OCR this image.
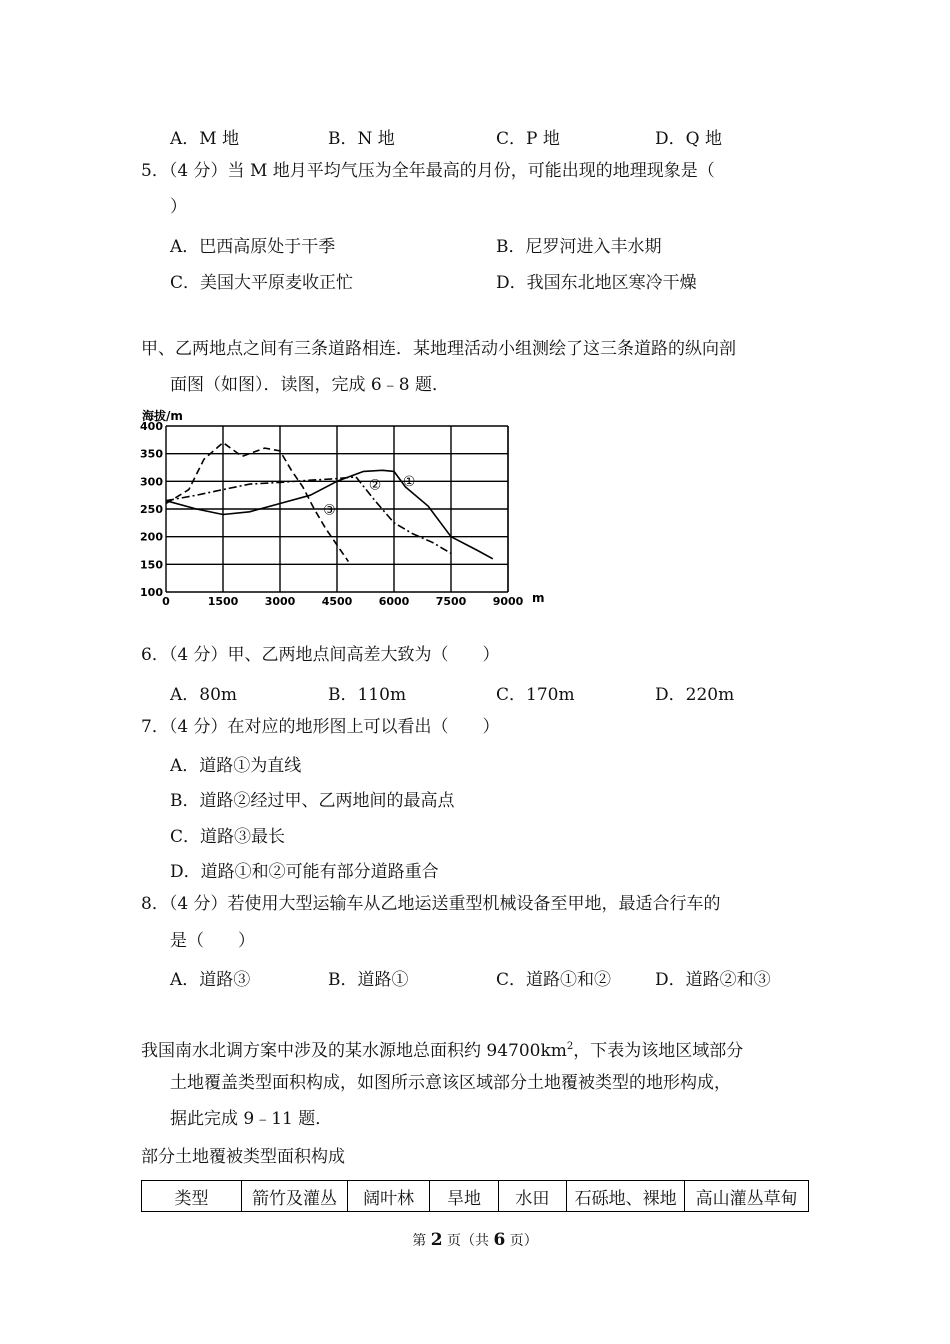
A．M 地	B．N 地	C．P 地	D．Q 地
5．（4 分）当 M 地月平均气压为全年最高的月份，可能出现的地理现象是（
）
A．巴西高原处于干季	B．尼罗河进入丰水期
C．美国大平原麦收正忙	D．我国东北地区寒冷干燥
甲、乙两地点之间有三条道路相连．某地理活动小组测绘了这三条道路的纵向剖
面图（如图）．读图，完成 6﹣8 题．
0	1500 3000 4500 6000 7500 9000
100
150
200
250
300
350
400
海拔/m
m
①
②
③
6．（4 分）甲、乙两地点间高差大致为（　　）
A．80m	B．110m	C．170m	D．220m
7．（4 分）在对应的地形图上可以看出（　　）
A．道路①为直线
B．道路②经过甲、乙两地间的最高点
C．道路③最长
D．道路①和②可能有部分道路重合
8．（4 分）若使用大型运输车从乙地运送重型机械设备至甲地，最适合行车的
是（　　）
A．道路③	B．道路①	C．道路①和②	D．道路②和③
我国南水北调方案中涉及的某水源地总面积约 $94700km^2$，下表为该地区域部分
土地覆盖类型面积构成，如图所示意该区域部分土地覆被类型的地形构成，
据此完成 9﹣11 题．
部分土地覆被类型面积构成
类型	箭竹及灌丛	阔叶林	旱地	水田	石砾地、裸地	高山灌丛草甸
第 2 页（共 6 页）
